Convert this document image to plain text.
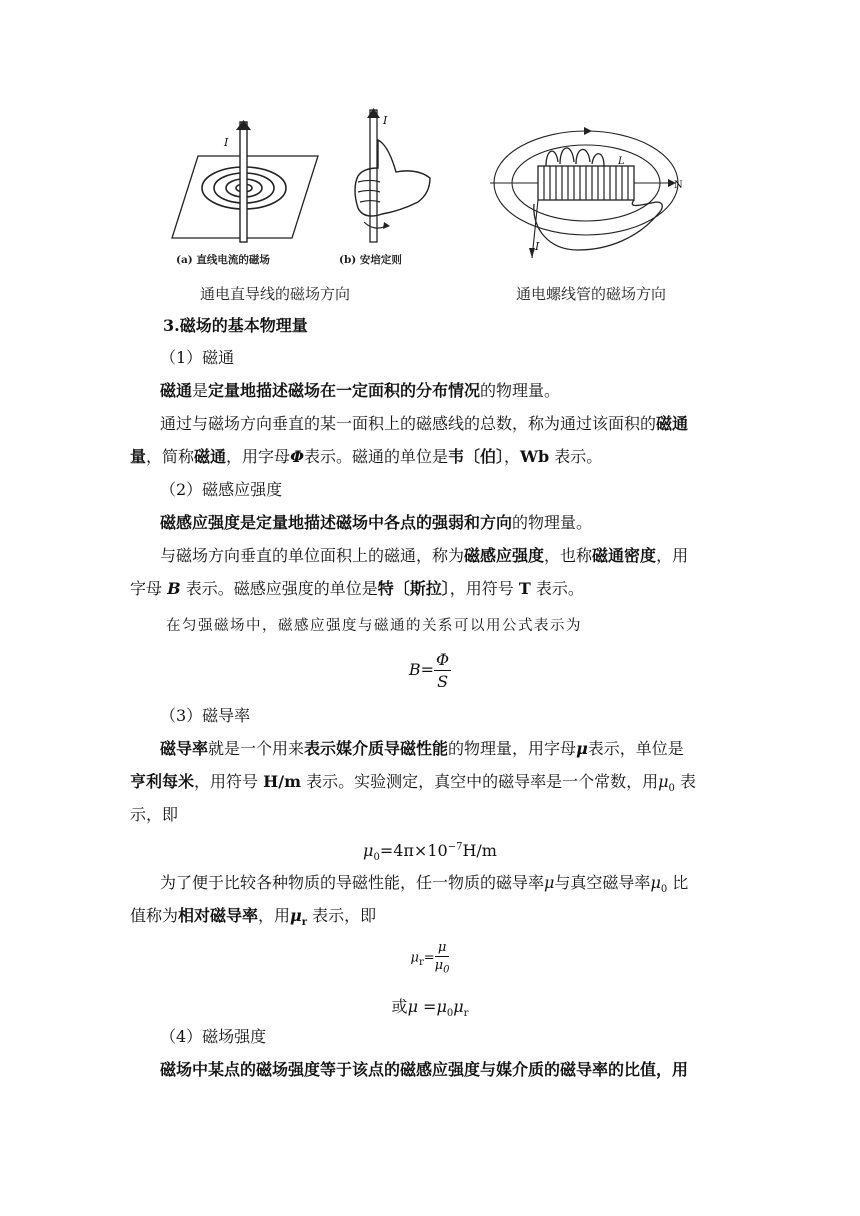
I
I
I
L
N
(a) 直线电流的磁场	(b) 安培定则
通电直导线的磁场方向	通电螺线管的磁场方向
3.磁场的基本物理量
（1）磁通
磁通是定量地描述磁场在一定面积的分布情况的物理量。
通过与磁场方向垂直的某一面积上的磁感线的总数，称为通过该面积的磁通
量，简称磁通，用字母Φ表示。磁通的单位是韦〔伯〕，Wb 表示。
（2）磁感应强度
磁感应强度是定量地描述磁场中各点的强弱和方向的物理量。
与磁场方向垂直的单位面积上的磁通，称为磁感应强度，也称磁通密度，用
字母 B 表示。磁感应强度的单位是特〔斯拉〕，用符号 T 表示。
在匀强磁场中，磁感应强度与磁通的关系可以用公式表示为
$B= \frac{\Phi}{S}$
（3）磁导率
磁导率就是一个用来表示媒介质导磁性能的物理量，用字母μ表示，单位是
亨利每米，用符号 H/m 表示。实验测定，真空中的磁导率是一个常数，用$\mu_0$ 表
示，即
$\mu_0=4\pi\times 10^{-7}H/m$
为了便于比较各种物质的导磁性能，任一物质的磁导率μ与真空磁导率$\mu_0$ 比
值称为相对磁导率，用$\mu_r$ 表示，即
$\mu_r= \frac{\mu}{\mu_0}$
或$\mu =\mu_0\mu_r$
（4）磁场强度
磁场中某点的磁场强度等于该点的磁感应强度与媒介质的磁导率的比值，用
